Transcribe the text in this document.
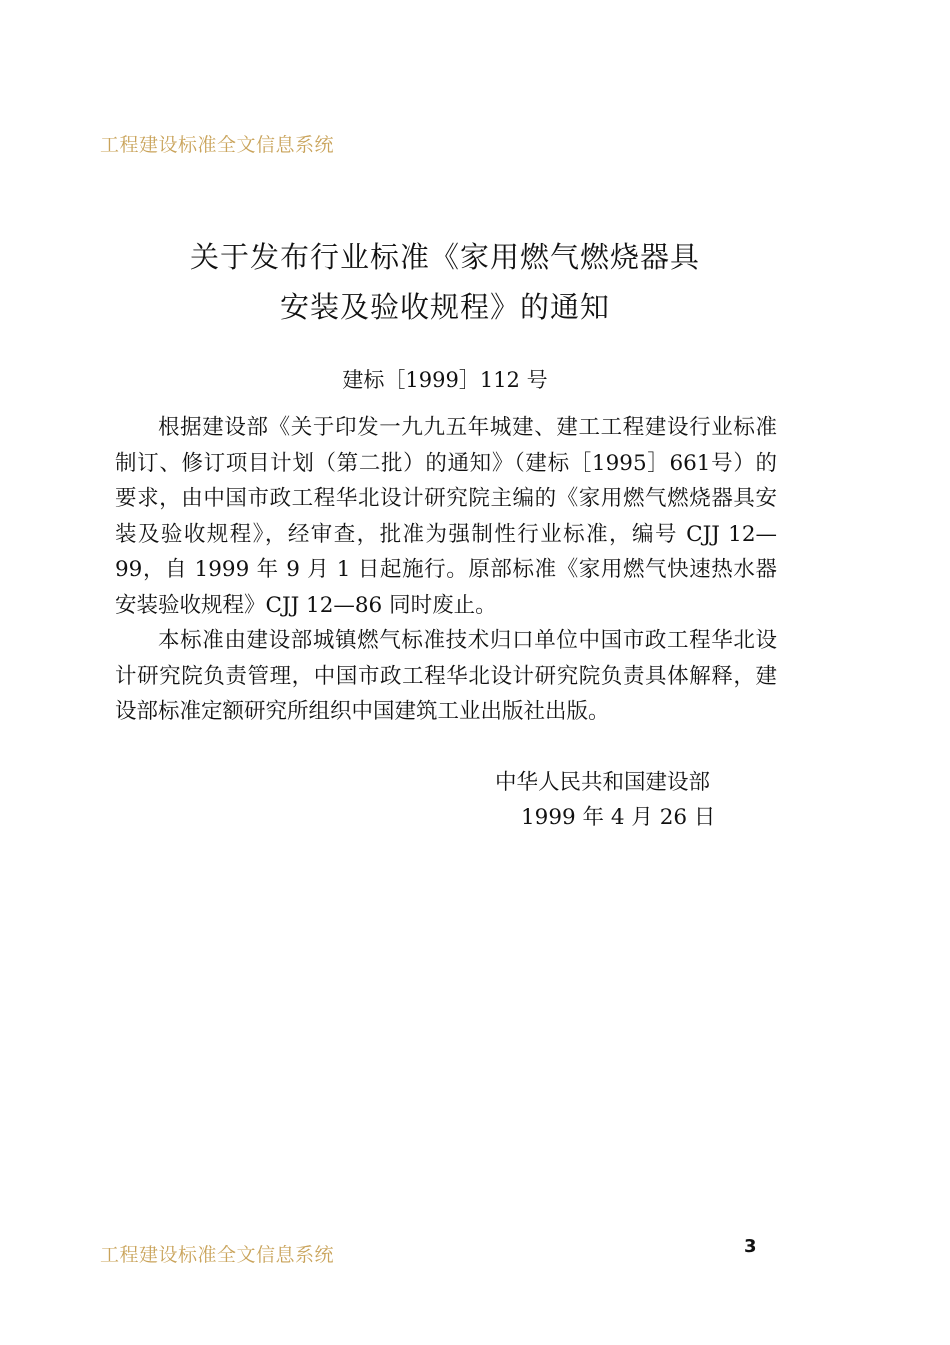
工程建设标准全文信息系统
关于发布行业标准《家用燃气燃烧器具
安装及验收规程》的通知
建标［1999］112 号

根据建设部《关于印发一九九五年城建、建工工程建设行业标准制订、修订项目计划（第二批）的通知》（建标［1995］661号）的要求，由中国市政工程华北设计研究院主编的《家用燃气燃烧器具安装及验收规程》，经审查，批准为强制性行业标准，编号 CJJ 12—99，自 1999 年 9 月 1 日起施行。原部标准《家用燃气快速热水器安装验收规程》CJJ 12—86 同时废止。

本标准由建设部城镇燃气标准技术归口单位中国市政工程华北设计研究院负责管理，中国市政工程华北设计研究院负责具体解释，建设部标准定额研究所组织中国建筑工业出版社出版。

中华人民共和国建设部
1999 年 4 月 26 日
工程建设标准全文信息系统	3
